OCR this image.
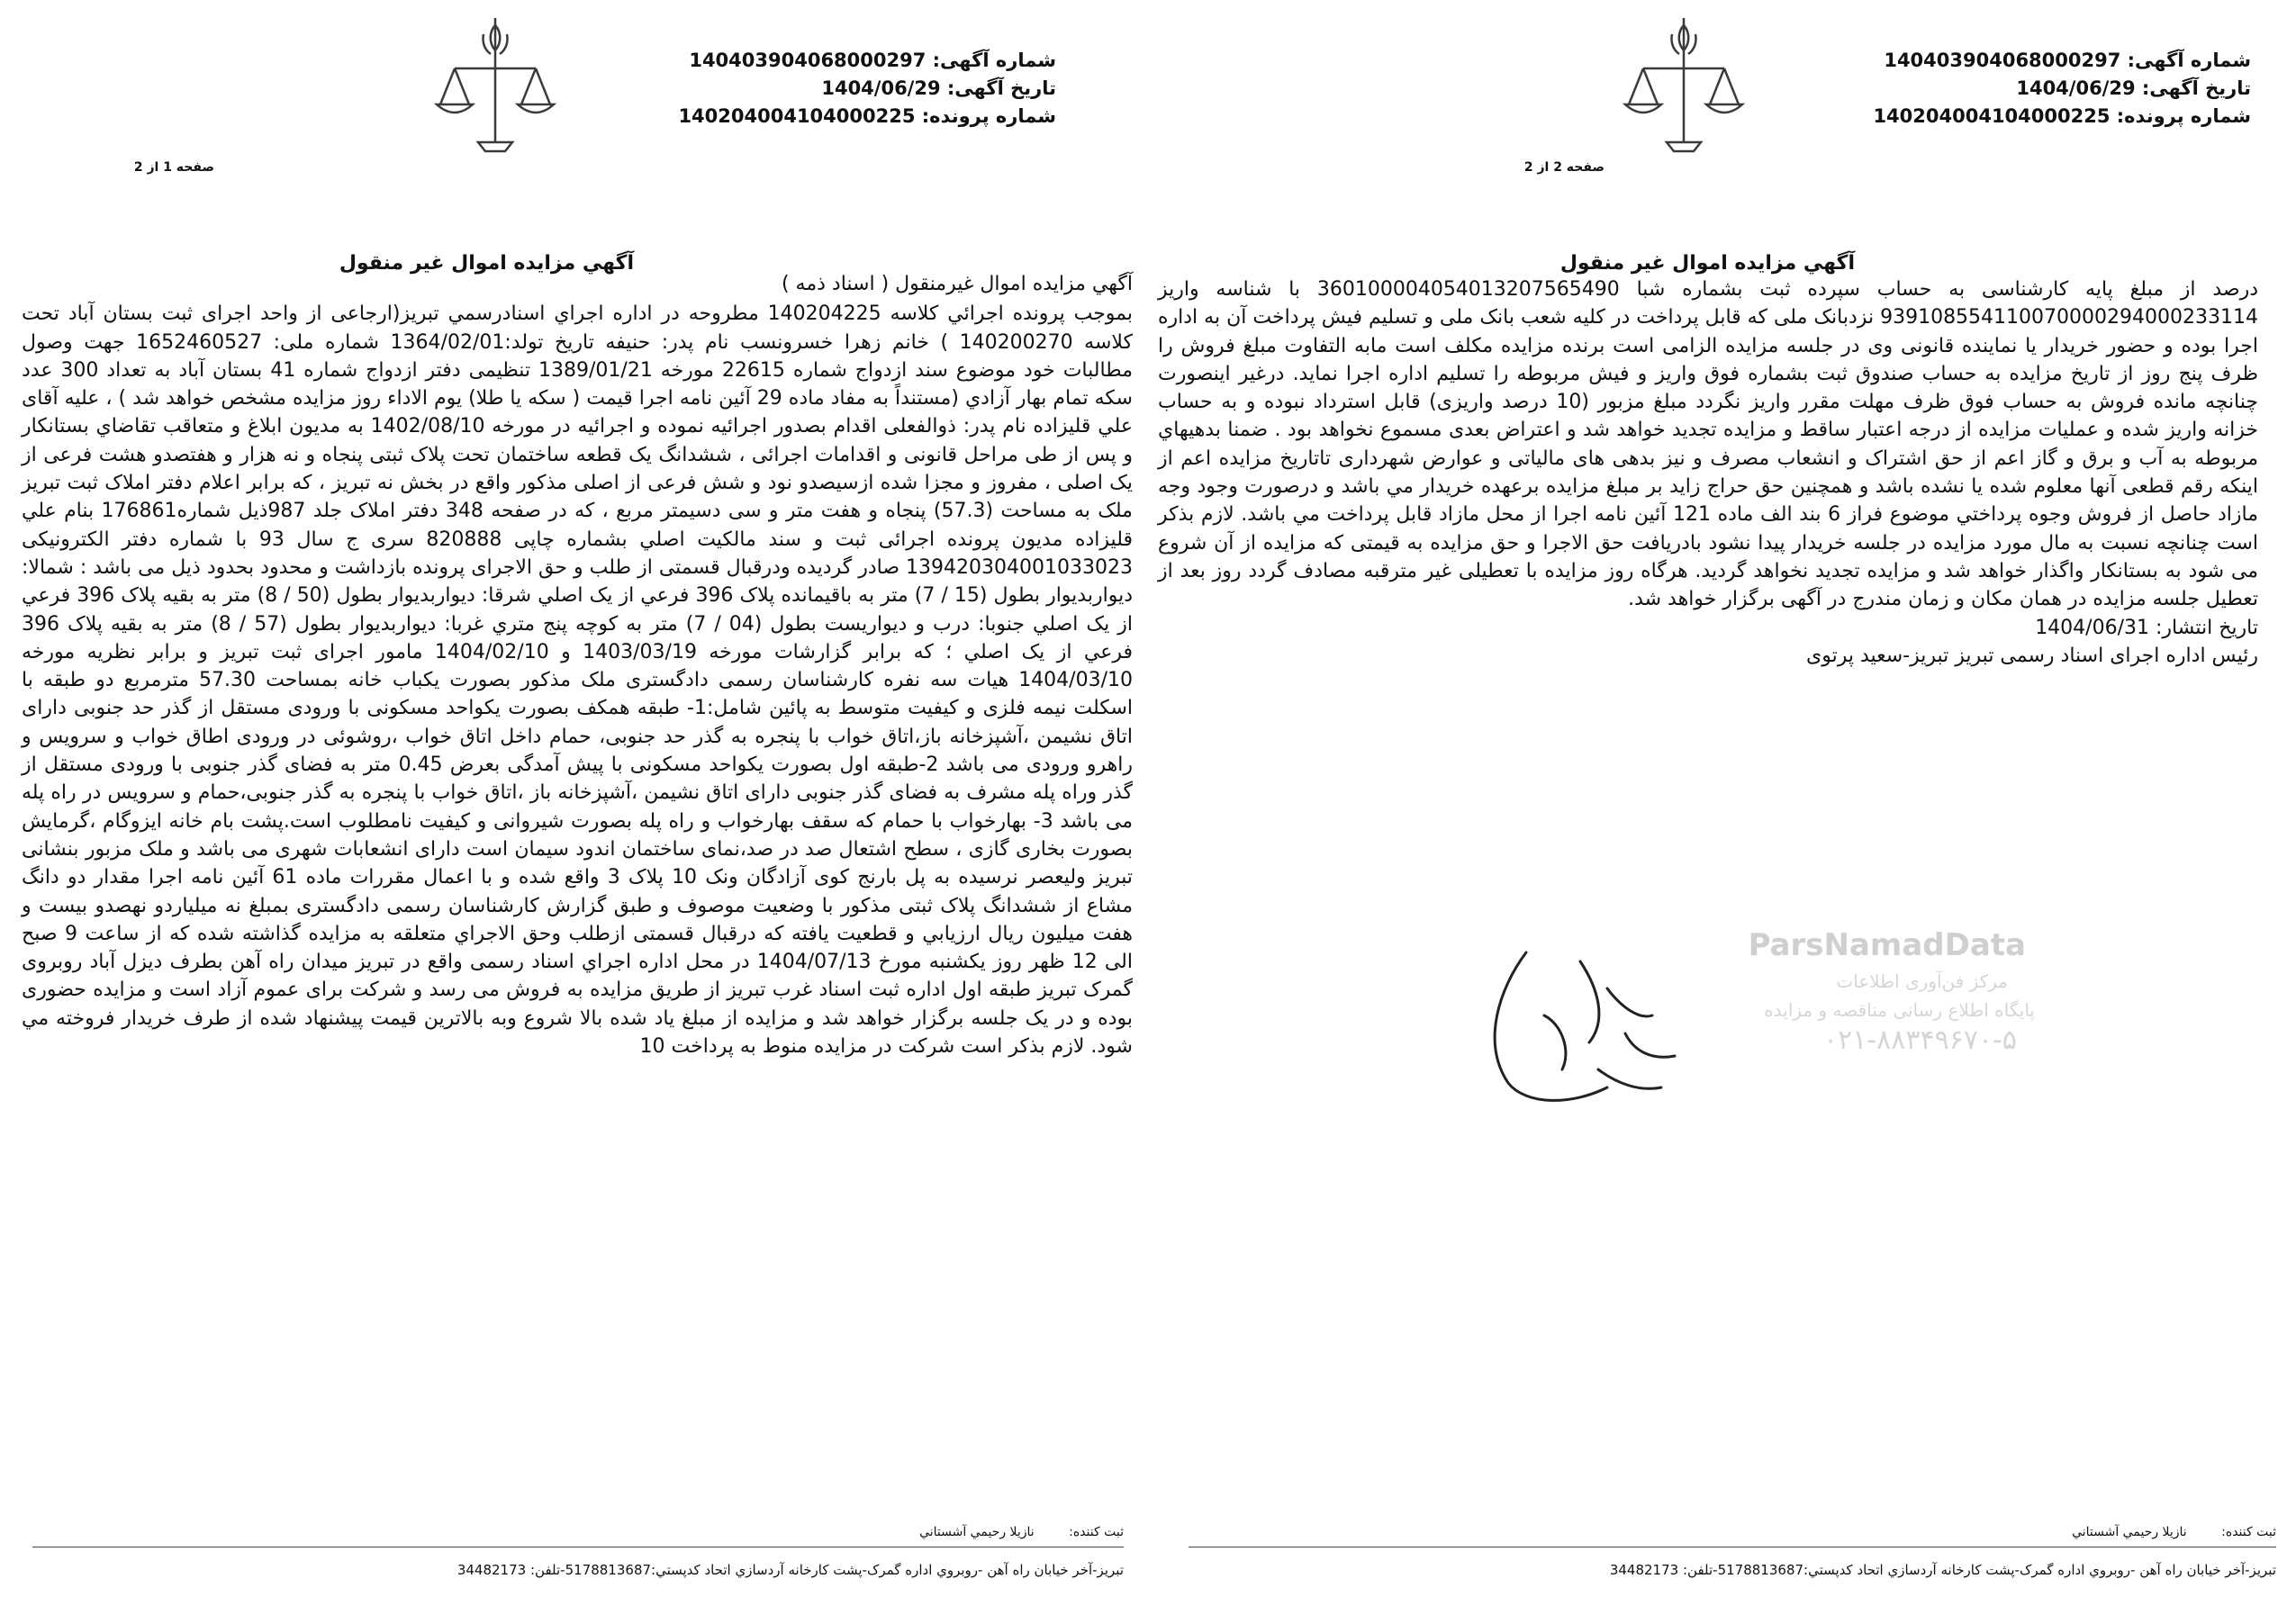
شماره آگهی: 140403904068000297
تاریخ آگهی: 1404/06/29
شماره پرونده: 140204004104000225
صفحه 1 از 2
آگهي مزايده اموال غير منقول

آگهي مزايده اموال غيرمنقول ( اسناد ذمه )

بموجب پرونده اجرائي كلاسه 140204225 مطروحه در اداره اجراي اسنادرسمي تبريز(ارجاعی از واحد اجرای ثبت بستان آباد تحت کلاسه 140200270 ) خانم زهرا خسرونسب نام پدر: حنيفه تاريخ تولد:1364/02/01 شماره ملی: 1652460527 جهت وصول مطالبات خود موضوع سند ازدواج شماره 22615 مورخه 1389/01/21 تنظيمی دفتر ازدواج شماره 41 بستان آباد به تعداد 300 عدد سكه تمام بهار آزادي (مستنداً به مفاد ماده 29 آئين نامه اجرا قيمت ( سكه يا طلا) يوم الاداء روز مزايده مشخص خواهد شد ) ، عليه آقای علي قليزاده نام پدر: ذوالفعلی اقدام بصدور اجرائيه نموده و اجرائيه در مورخه 1402/08/10 به مديون ابلاغ و متعاقب تقاضاي بستانكار و پس از طی مراحل قانونی و اقدامات اجرائی ، ششدانگ يک قطعه ساختمان تحت پلاک ثبتی پنجاه و نه هزار و هفتصدو هشت فرعی از يک اصلی ، مفروز و مجزا شده ازسيصدو نود و شش فرعی از اصلی مذكور واقع در بخش نه تبريز ، كه برابر اعلام دفتر املاک ثبت تبريز ملک به مساحت (57.3) پنجاه و هفت متر و سی دسيمتر مربع ، كه در صفحه 348 دفتر املاک جلد 987ذيل شماره176861 بنام علي قليزاده مديون پرونده اجرائی ثبت و سند مالكيت اصلي بشماره چاپی 820888 سری ج سال 93 با شماره دفتر الکترونیکی 139420304001033023 صادر گرديده ودرقبال قسمتی از طلب و حق الاجرای پرونده بازداشت و محدود بحدود ذيل می باشد : شمالا: ديواربديوار بطول (15 / 7) متر به باقيمانده پلاک 396 فرعي از يک اصلي شرقا: ديواربديوار بطول (50 / 8) متر به بقيه پلاک 396 فرعي از يک اصلي جنوبا: درب و ديواريست بطول (04 / 7) متر به كوچه پنج متري غربا: ديواربديوار بطول (57 / 8) متر به بقيه پلاک 396 فرعي از يک اصلي ؛ كه برابر گزارشات مورخه 1403/03/19 و 1404/02/10 مامور اجرای ثبت تبريز و برابر نظريه مورخه 1404/03/10 هيات سه نفره كارشناسان رسمی دادگستری ملک مذكور بصورت يكباب خانه بمساحت 57.30 مترمربع دو طبقه با اسكلت نيمه فلزی و كيفيت متوسط به پائين شامل:1- طبقه همكف بصورت يكواحد مسكونی با ورودی مستقل از گذر حد جنوبی دارای اتاق نشيمن ،آشپزخانه باز،اتاق خواب با پنجره به گذر حد جنوبی، حمام داخل اتاق خواب ،روشوئی در ورودی اطاق خواب و سرويس و راهرو ورودی می باشد 2-طبقه اول بصورت يكواحد مسكونی با پيش آمدگی بعرض 0.45 متر به فضای گذر جنوبی با ورودی مستقل از گذر وراه پله مشرف به فضای گذر جنوبی دارای اتاق نشيمن ،آشپزخانه باز ،اتاق خواب با پنجره به گذر جنوبی،حمام و سرويس در راه پله می باشد 3- بهارخواب با حمام كه سقف بهارخواب و راه پله بصورت شيروانی و كيفيت نامطلوب است.پشت بام خانه ايزوگام ،گرمايش بصورت بخاری گازی ، سطح اشتعال صد در صد،نمای ساختمان اندود سيمان است دارای انشعابات شهری می باشد و ملک مزبور بنشانی تبريز وليعصر نرسيده به پل بارنج كوی آزادگان ونک 10 پلاک 3 واقع شده و با اعمال مقررات ماده 61 آئين نامه اجرا مقدار دو دانگ مشاع از ششدانگ پلاک ثبتی مذكور با وضعيت موصوف و طبق گزارش كارشناسان رسمی دادگستری بمبلغ نه ميلياردو نهصدو بيست و هفت ميليون ريال ارزيابي و قطعيت يافته كه درقبال قسمتی ازطلب وحق الاجراي متعلقه به مزايده گذاشته شده كه از ساعت 9 صبح الی 12 ظهر روز يكشنبه مورخ 1404/07/13 در محل اداره اجراي اسناد رسمی واقع در تبريز ميدان راه آهن بطرف ديزل آباد روبروی گمرک تبريز طبقه اول اداره ثبت اسناد غرب تبريز از طريق مزايده به فروش می رسد و شركت برای عموم آزاد است و مزايده حضوری بوده و در يک جلسه برگزار خواهد شد و مزايده از مبلغ ياد شده بالا شروع وبه بالاترين قيمت پيشنهاد شده از طرف خريدار فروخته مي شود. لازم بذكر است شركت در مزايده منوط به پرداخت 10

ثبت كننده: نازيلا رحيمي آشستاني
تبريز-آخر خيابان راه آهن -روبروي اداره گمرک-پشت كارخانه آردسازي اتحاد كدپستي:5178813687-تلفن: 34482173
شماره آگهی: 140403904068000297
تاریخ آگهی: 1404/06/29
شماره پرونده: 140204004104000225
صفحه 2 از 2
آگهي مزايده اموال غير منقول

درصد از مبلغ پايه كارشناسی به حساب سپرده ثبت بشماره شبا 360100004054013207565490 با شناسه واريز 939108554110070000294000233114 نزدبانک ملی كه قابل پرداخت در كليه شعب بانک ملی و تسليم فيش پرداخت آن به اداره اجرا بوده و حضور خريدار يا نماينده قانونی وی در جلسه مزايده الزامی است برنده مزايده مكلف است مابه التفاوت مبلغ فروش را ظرف پنج روز از تاريخ مزايده به حساب صندوق ثبت بشماره فوق واريز و فيش مربوطه را تسليم اداره اجرا نمايد. درغير اينصورت چنانچه مانده فروش به حساب فوق ظرف مهلت مقرر واريز نگردد مبلغ مزبور (10 درصد واريزی) قابل استرداد نبوده و به حساب خزانه واريز شده و عمليات مزايده از درجه اعتبار ساقط و مزايده تجديد خواهد شد و اعتراض بعدی مسموع نخواهد بود . ضمنا بدهيهاي مربوطه به آب و برق و گاز اعم از حق اشتراک و انشعاب مصرف و نيز بدهی های مالياتی و عوارض شهرداری تاتاريخ مزايده اعم از اينكه رقم قطعی آنها معلوم شده يا نشده باشد و همچنين حق حراج زايد بر مبلغ مزايده برعهده خريدار مي باشد و درصورت وجود وجه مازاد حاصل از فروش وجوه پرداختي موضوع فراز 6 بند الف ماده 121 آئين نامه اجرا از محل مازاد قابل پرداخت مي باشد. لازم بذكر است چنانچه نسبت به مال مورد مزايده در جلسه خريدار پيدا نشود بادريافت حق الاجرا و حق مزايده به قيمتی كه مزايده از آن شروع می شود به بستانكار واگذار خواهد شد و مزايده تجديد نخواهد گرديد. هرگاه روز مزايده با تعطيلی غير مترقبه مصادف گردد روز بعد از تعطيل جلسه مزايده در همان مكان و زمان مندرج در آگهی برگزار خواهد شد.

تاريخ انتشار: 1404/06/31

رئيس اداره اجرای اسناد رسمی تبريز تبريز-سعيد پرتوی

ParsNamadData
مرکز فن‌آوری اطلاعات
پایگاه اطلاع رسانی مناقصه و مزایده
۰۲۱-۸۸۳۴۹۶۷۰-۵
ثبت كننده: نازيلا رحيمي آشستاني
تبريز-آخر خيابان راه آهن -روبروي اداره گمرک-پشت كارخانه آردسازي اتحاد كدپستي:5178813687-تلفن: 34482173
